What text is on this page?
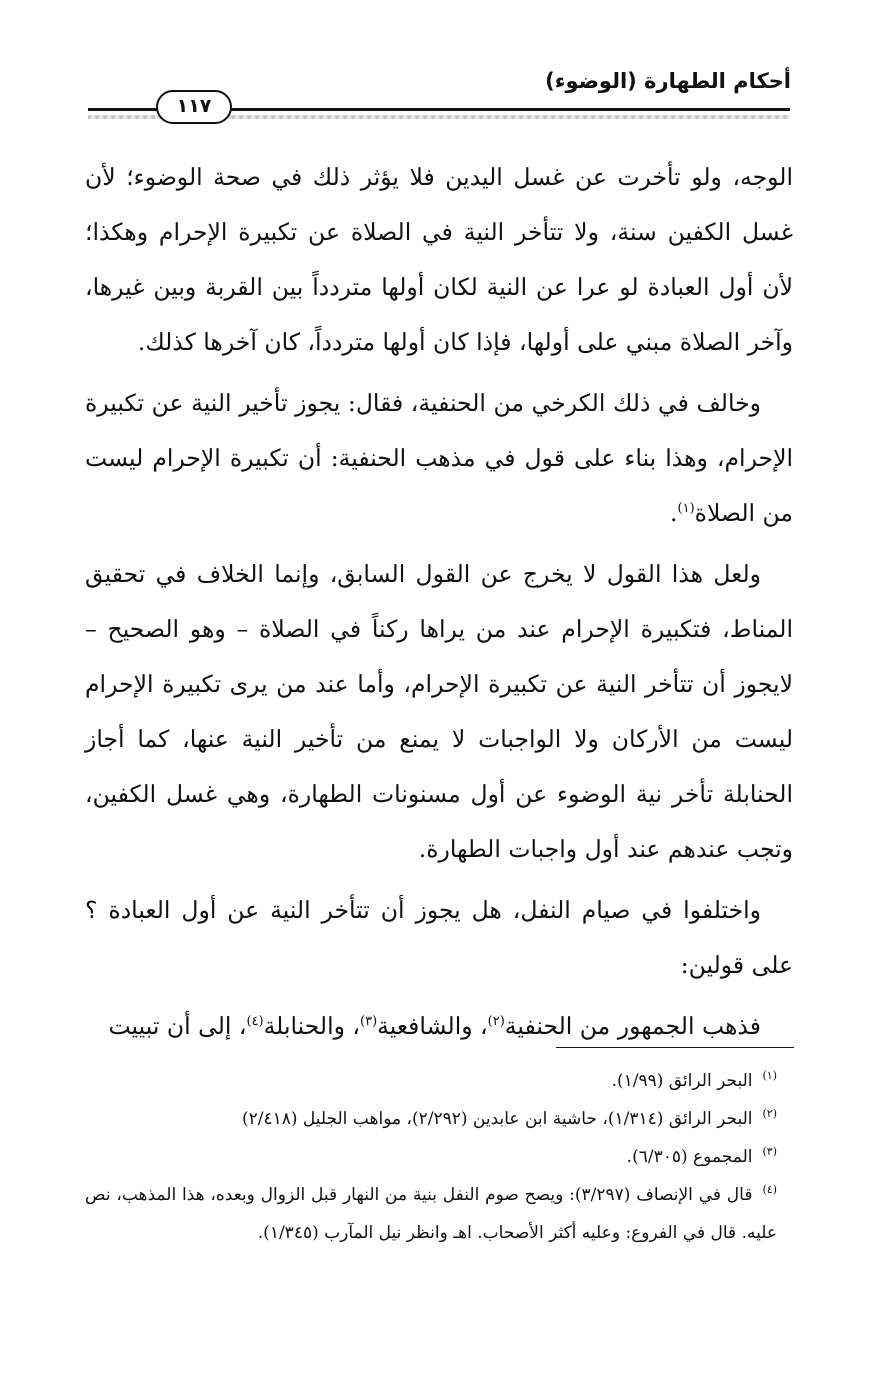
أحكام الطهارة (الوضوء)
١١٧

الوجه، ولو تأخرت عن غسل اليدين فلا يؤثر ذلك في صحة الوضوء؛ لأن غسل الكفين سنة، ولا تتأخر النية في الصلاة عن تكبيرة الإحرام وهكذا؛ لأن أول العبادة لو عرا عن النية لكان أولها متردداً بين القربة وبين غيرها، وآخر الصلاة مبني على أولها، فإذا كان أولها متردداً، كان آخرها كذلك.

وخالف في ذلك الكرخي من الحنفية، فقال: يجوز تأخير النية عن تكبيرة الإحرام، وهذا بناء على قول في مذهب الحنفية: أن تكبيرة الإحرام ليست من الصلاة$^{(١)}$.

ولعل هذا القول لا يخرج عن القول السابق، وإنما الخلاف في تحقيق المناط، فتكبيرة الإحرام عند من يراها ركناً في الصلاة – وهو الصحيح – لايجوز أن تتأخر النية عن تكبيرة الإحرام، وأما عند من يرى تكبيرة الإحرام ليست من الأركان ولا الواجبات لا يمنع من تأخير النية عنها، كما أجاز الحنابلة تأخر نية الوضوء عن أول مسنونات الطهارة، وهي غسل الكفين، وتجب عندهم عند أول واجبات الطهارة.

واختلفوا في صيام النفل، هل يجوز أن تتأخر النية عن أول العبادة ؟ على قولين:

فذهب الجمهور من الحنفية$^{(٢)}$، والشافعية$^{(٣)}$، والحنابلة$^{(٤)}$، إلى أن تبييت

$^{(١)}$البحر الرائق (١/٩٩).

$^{(٢)}$البحر الرائق (١/٣١٤)، حاشية ابن عابدين (٢/٢٩٢)، مواهب الجليل (٢/٤١٨)

$^{(٣)}$المجموع (٦/٣٠٥).

$^{(٤)}$قال في الإنصاف (٣/٢٩٧): ويصح صوم النفل بنية من النهار قبل الزوال وبعده، هذا المذهب، نص عليه. قال في الفروع: وعليه أكثر الأصحاب. اهـ وانظر نيل المآرب (١/٣٤٥).
